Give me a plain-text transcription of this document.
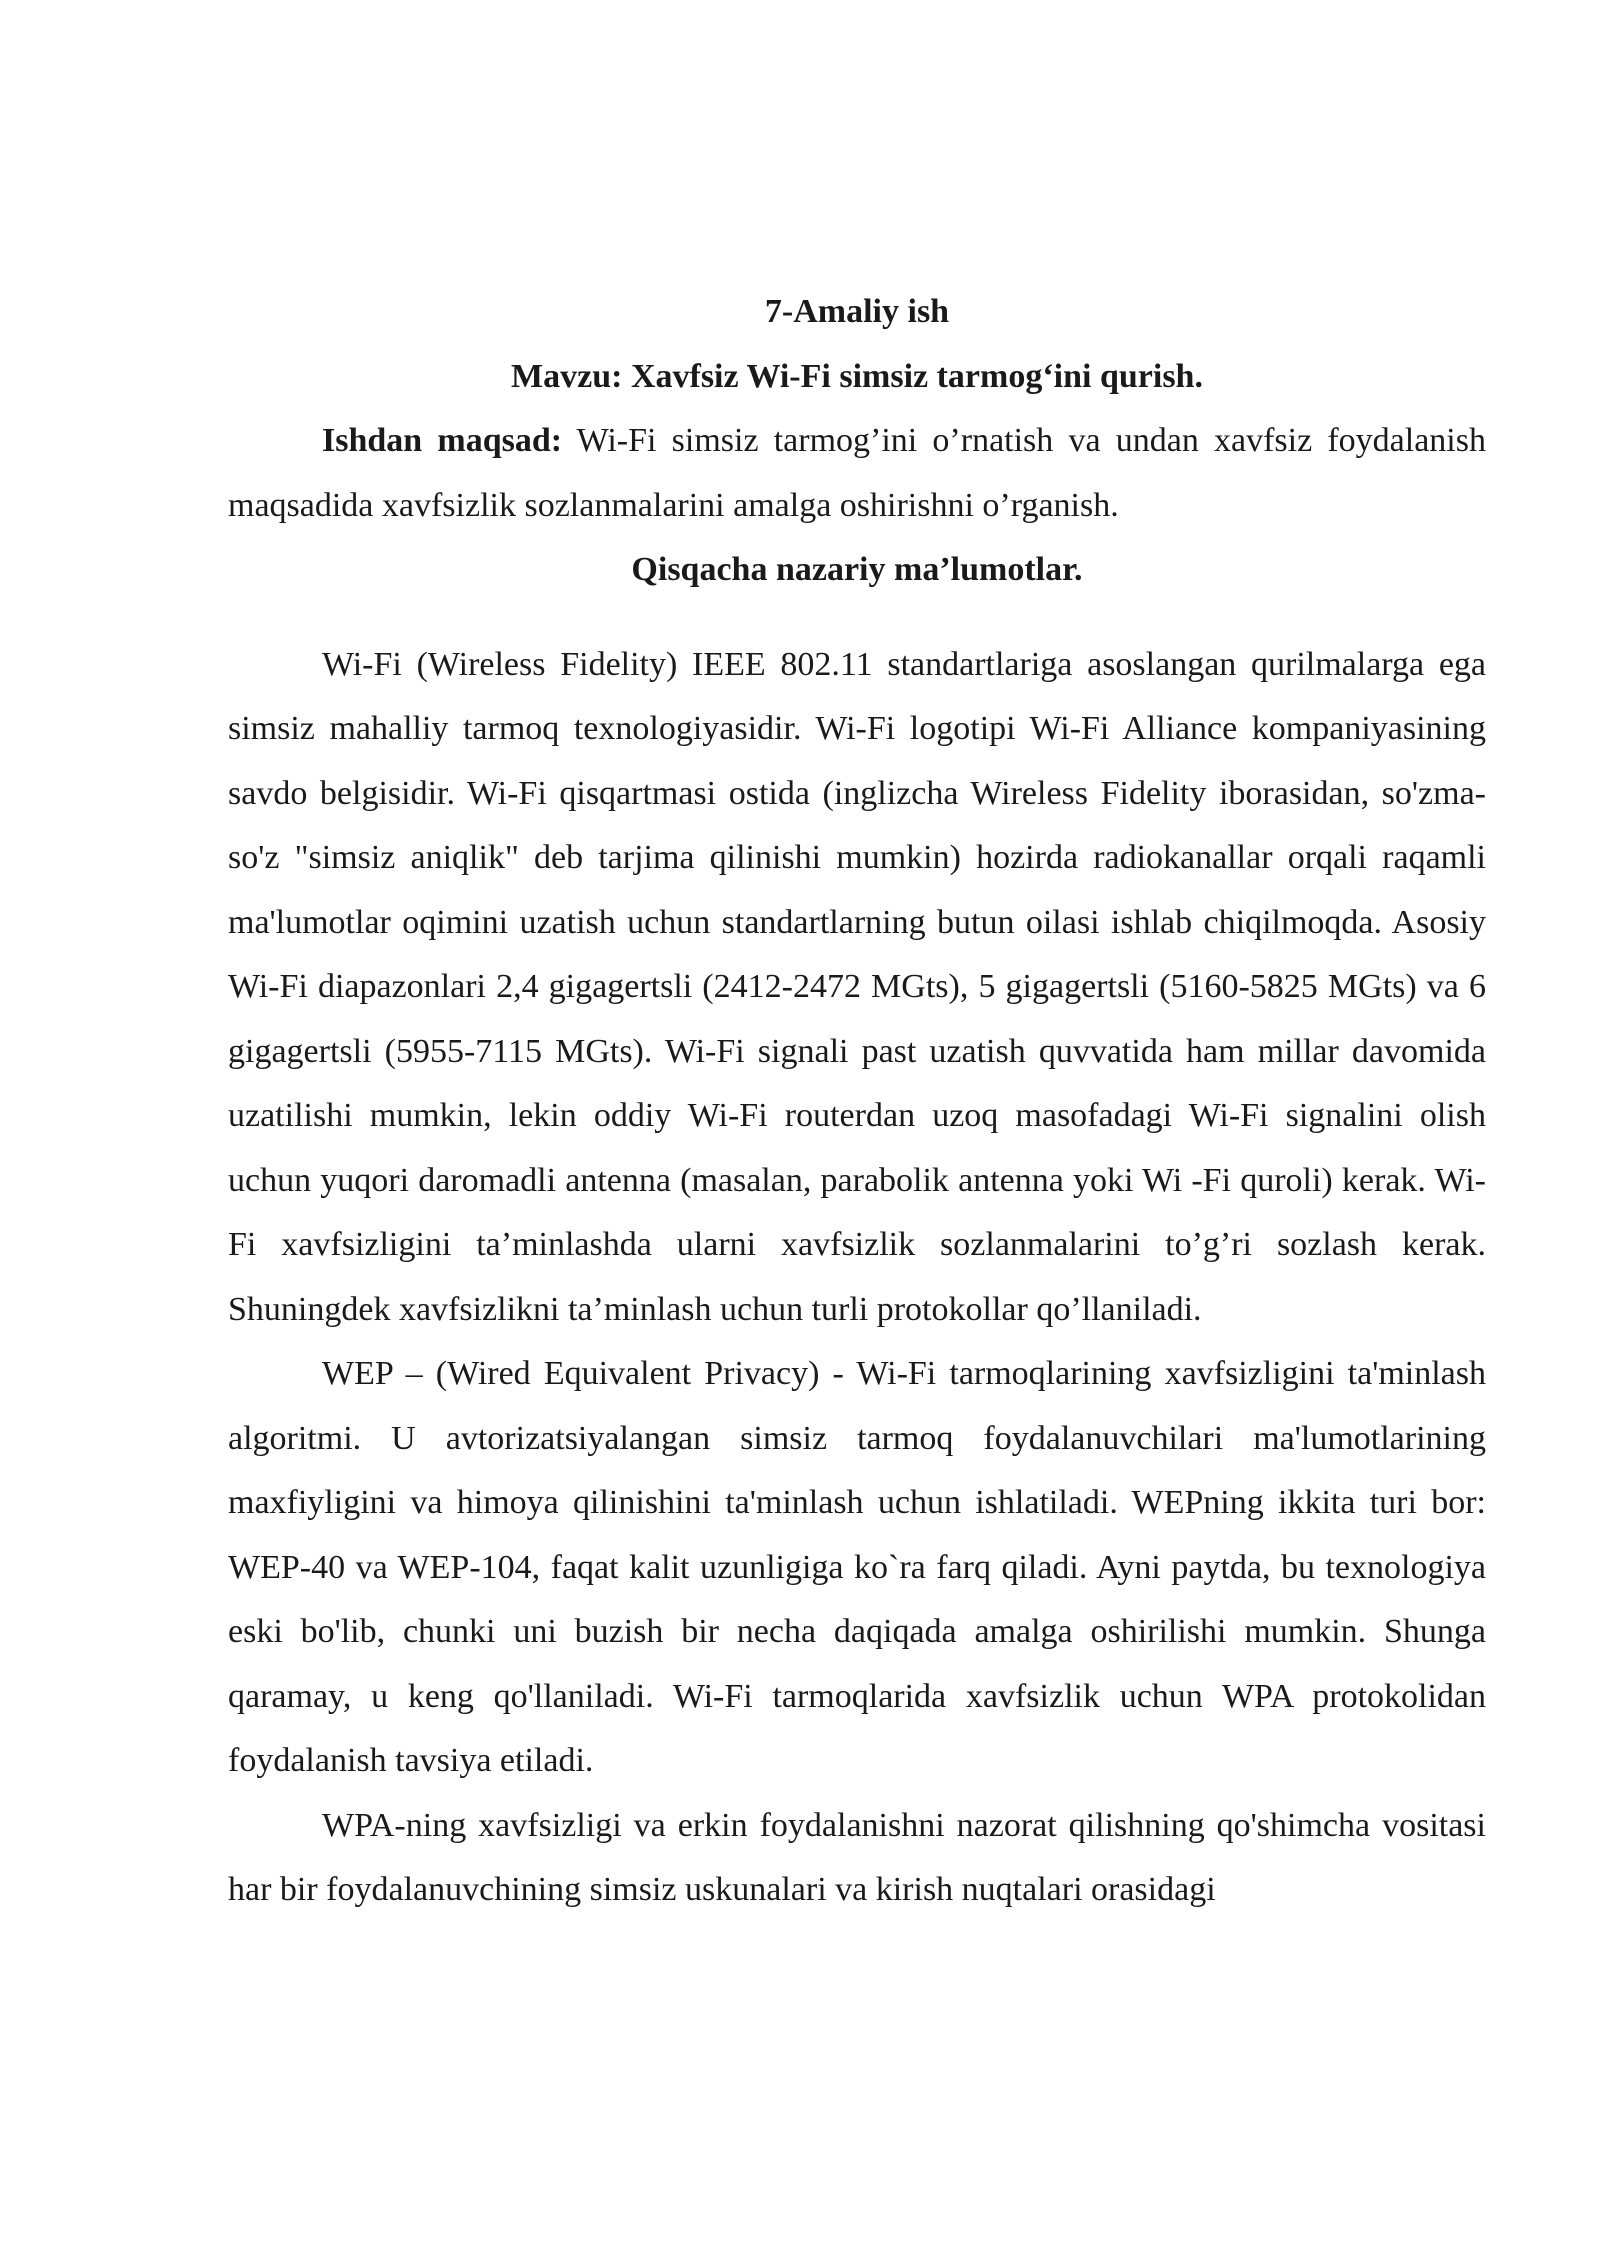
7-Amaliy ish

Mavzu: Xavfsiz Wi-Fi simsiz tarmog‘ini qurish.

Ishdan maqsad: Wi-Fi simsiz tarmog’ini o’rnatish va undan xavfsiz foydalanish maqsadida xavfsizlik sozlanmalarini amalga oshirishni o’rganish.

Qisqacha nazariy ma’lumotlar.

Wi-Fi (Wireless Fidelity) IEEE 802.11 standartlariga asoslangan qurilmalarga ega simsiz mahalliy tarmoq texnologiyasidir. Wi-Fi logotipi Wi-Fi Alliance kompaniyasining savdo belgisidir. Wi-Fi qisqartmasi ostida (inglizcha Wireless Fidelity iborasidan, so'zma-so'z "simsiz aniqlik" deb tarjima qilinishi mumkin) hozirda radiokanallar orqali raqamli ma'lumotlar oqimini uzatish uchun standartlarning butun oilasi ishlab chiqilmoqda. Asosiy Wi-Fi diapazonlari 2,4 gigagertsli (2412-2472 MGts), 5 gigagertsli (5160-5825 MGts) va 6 gigagertsli (5955-7115 MGts). Wi-Fi signali past uzatish quvvatida ham millar davomida uzatilishi mumkin, lekin oddiy Wi-Fi routerdan uzoq masofadagi Wi-Fi signalini olish uchun yuqori daromadli antenna (masalan, parabolik antenna yoki Wi -Fi quroli) kerak. Wi-Fi xavfsizligini ta’minlashda ularni xavfsizlik sozlanmalarini to’g’ri sozlash kerak. Shuningdek xavfsizlikni ta’minlash uchun turli protokollar qo’llaniladi.

WEP – (Wired Equivalent Privacy) - Wi-Fi tarmoqlarining xavfsizligini ta'minlash algoritmi. U avtorizatsiyalangan simsiz tarmoq foydalanuvchilari ma'lumotlarining maxfiyligini va himoya qilinishini ta'minlash uchun ishlatiladi. WEPning ikkita turi bor: WEP-40 va WEP-104, faqat kalit uzunligiga ko`ra farq qiladi. Ayni paytda, bu texnologiya eski bo'lib, chunki uni buzish bir necha daqiqada amalga oshirilishi mumkin. Shunga qaramay, u keng qo'llaniladi. Wi-Fi tarmoqlarida xavfsizlik uchun WPA protokolidan foydalanish tavsiya etiladi.

WPA-ning xavfsizligi va erkin foydalanishni nazorat qilishning qo'shimcha vositasi har bir foydalanuvchining simsiz uskunalari va kirish nuqtalari orasidagi
